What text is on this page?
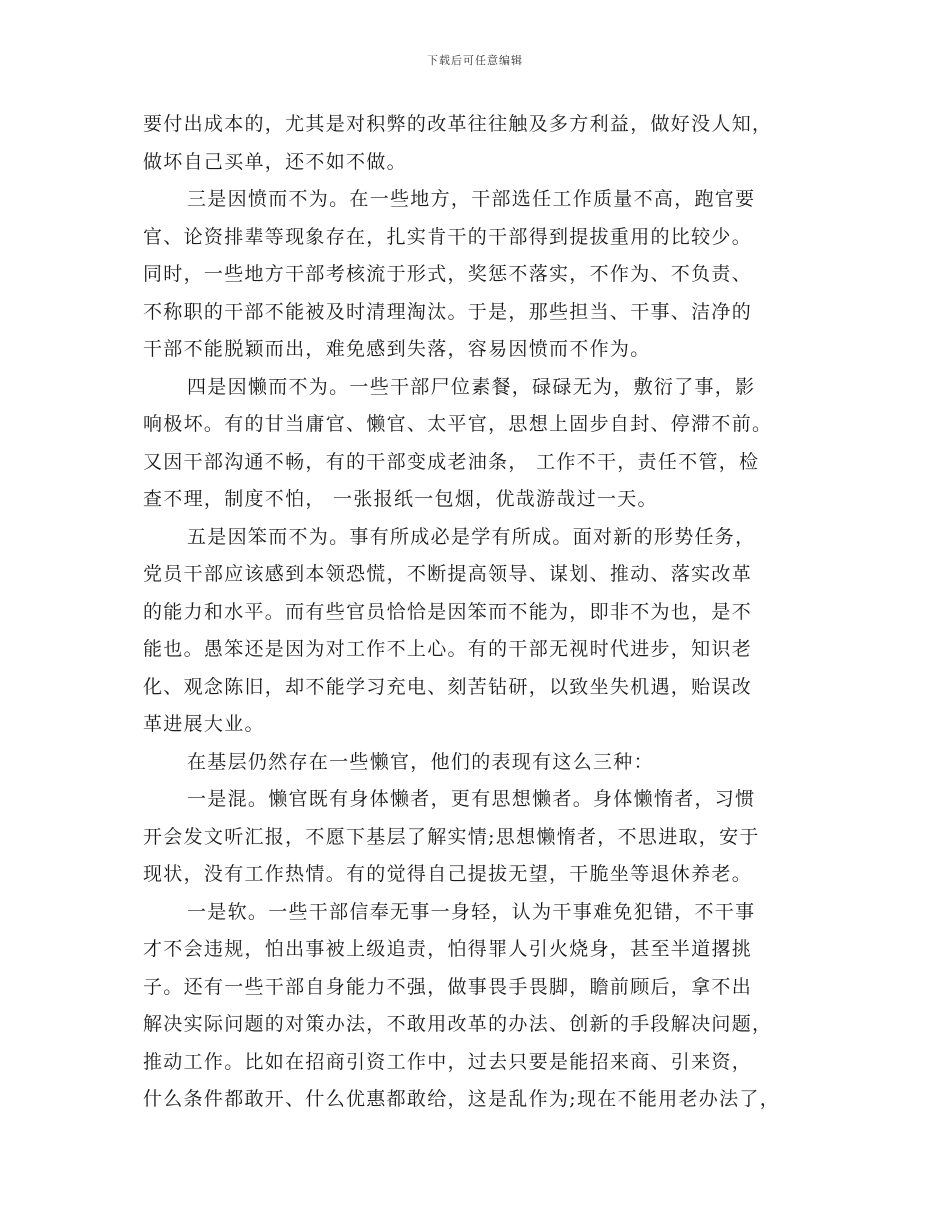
下载后可任意编辑
要付出成本的，尤其是对积弊的改革往往触及多方利益，做好没人知，
做坏自己买单，还不如不做。
三是因愤而不为。在一些地方，干部选任工作质量不高，跑官要
官、论资排辈等现象存在，扎实肯干的干部得到提拔重用的比较少。
同时，一些地方干部考核流于形式，奖惩不落实，不作为、不负责、
不称职的干部不能被及时清理淘汰。于是，那些担当、干事、洁净的
干部不能脱颖而出，难免感到失落，容易因愤而不作为。
四是因懒而不为。一些干部尸位素餐，碌碌无为，敷衍了事，影
响极坏。有的甘当庸官、懒官、太平官，思想上固步自封、停滞不前。
又因干部沟通不畅，有的干部变成老油条， 工作不干，责任不管，检
查不理，制度不怕， 一张报纸一包烟，优哉游哉过一天。
五是因笨而不为。事有所成必是学有所成。面对新的形势任务，
党员干部应该感到本领恐慌，不断提高领导、谋划、推动、落实改革
的能力和水平。而有些官员恰恰是因笨而不能为，即非不为也，是不
能也。愚笨还是因为对工作不上心。有的干部无视时代进步，知识老
化、观念陈旧，却不能学习充电、刻苦钻研，以致坐失机遇，贻误改
革进展大业。
在基层仍然存在一些懒官，他们的表现有这么三种：
一是混。懒官既有身体懒者，更有思想懒者。身体懒惰者，习惯
开会发文听汇报，不愿下基层了解实情;思想懒惰者，不思进取，安于
现状，没有工作热情。有的觉得自己提拔无望，干脆坐等退休养老。
一是软。一些干部信奉无事一身轻，认为干事难免犯错，不干事
才不会违规，怕出事被上级追责，怕得罪人引火烧身，甚至半道撂挑
子。还有一些干部自身能力不强，做事畏手畏脚，瞻前顾后，拿不出
解决实际问题的对策办法，不敢用改革的办法、创新的手段解决问题，
推动工作。比如在招商引资工作中，过去只要是能招来商、引来资，
什么条件都敢开、什么优惠都敢给，这是乱作为;现在不能用老办法了，
